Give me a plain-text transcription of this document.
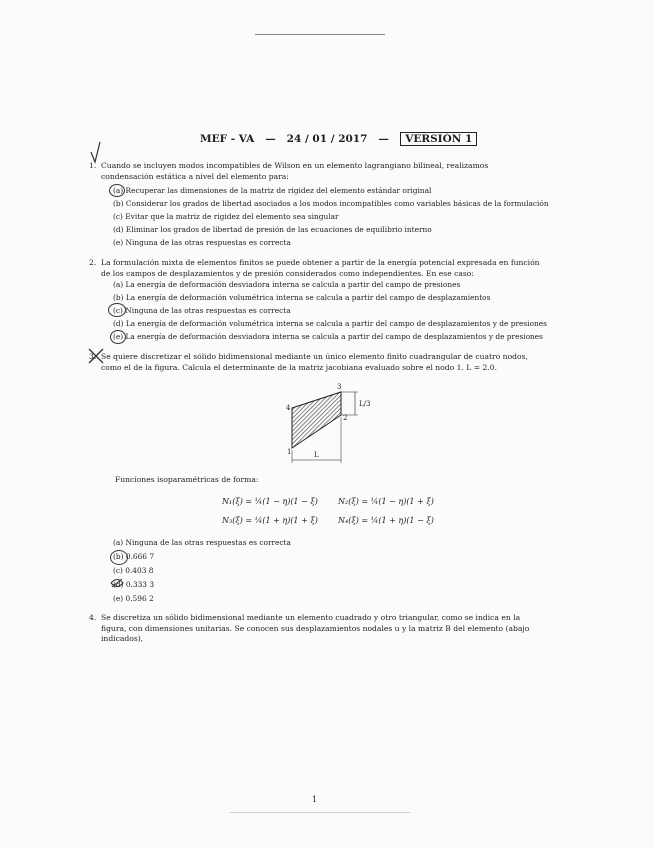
MEF - VA — 24 / 01 / 2017 — VERSIÓN 1
1. Cuando se incluyen modos incompatibles de Wilson en un elemento lagrangiano bilineal, realizamos condensación estática a nivel del elemento para:
(a) Recuperar las dimensiones de la matriz de rigidez del elemento estándar original
(b) Considerar los grados de libertad asociados a los modos incompatibles como variables básicas de la formulación
(c) Evitar que la matriz de rigidez del elemento sea singular
(d) Eliminar los grados de libertad de presión de las ecuaciones de equilibrio interno
(e) Ninguna de las otras respuestas es correcta
2. La formulación mixta de elementos finitos se puede obtener a partir de la energía potencial expresada en función de los campos de desplazamientos y de presión considerados como independientes. En ese caso:
(a) La energía de deformación desviadora interna se calcula a partir del campo de presiones
(b) La energía de deformación volumétrica interna se calcula a partir del campo de desplazamientos
(c) Ninguna de las otras respuestas es correcta
(d) La energía de deformación volumétrica interna se calcula a partir del campo de desplazamientos y de presiones
(e) La energía de deformación desviadora interna se calcula a partir del campo de desplazamientos y de presiones
3. Se quiere discretizar el sólido bidimensional mediante un único elemento finito cuadrangular de cuatro nodos, como el de la figura. Calcula el determinante de la matriz jacobiana evaluado sobre el nodo 1. L = 2.0.
1
2
3
4
L
L/3
Funciones isoparamétricas de forma:
N₁(ξ) = ¼(1 − η)(1 − ξ)	N₂(ξ) = ¼(1 − η)(1 + ξ)
N₃(ξ) = ¼(1 + η)(1 + ξ)	N₄(ξ) = ¼(1 + η)(1 − ξ)
(a) Ninguna de las otras respuestas es correcta
(b) 0.666 7
(c) 0.403 8
(d) 0.333 3
(e) 0.596 2
4. Se discretiza un sólido bidimensional mediante un elemento cuadrado y otro triangular, como se indica en la figura, con dimensiones unitarias. Se conocen sus desplazamientos nodales u y la matriz B del elemento (abajo indicados),
1
